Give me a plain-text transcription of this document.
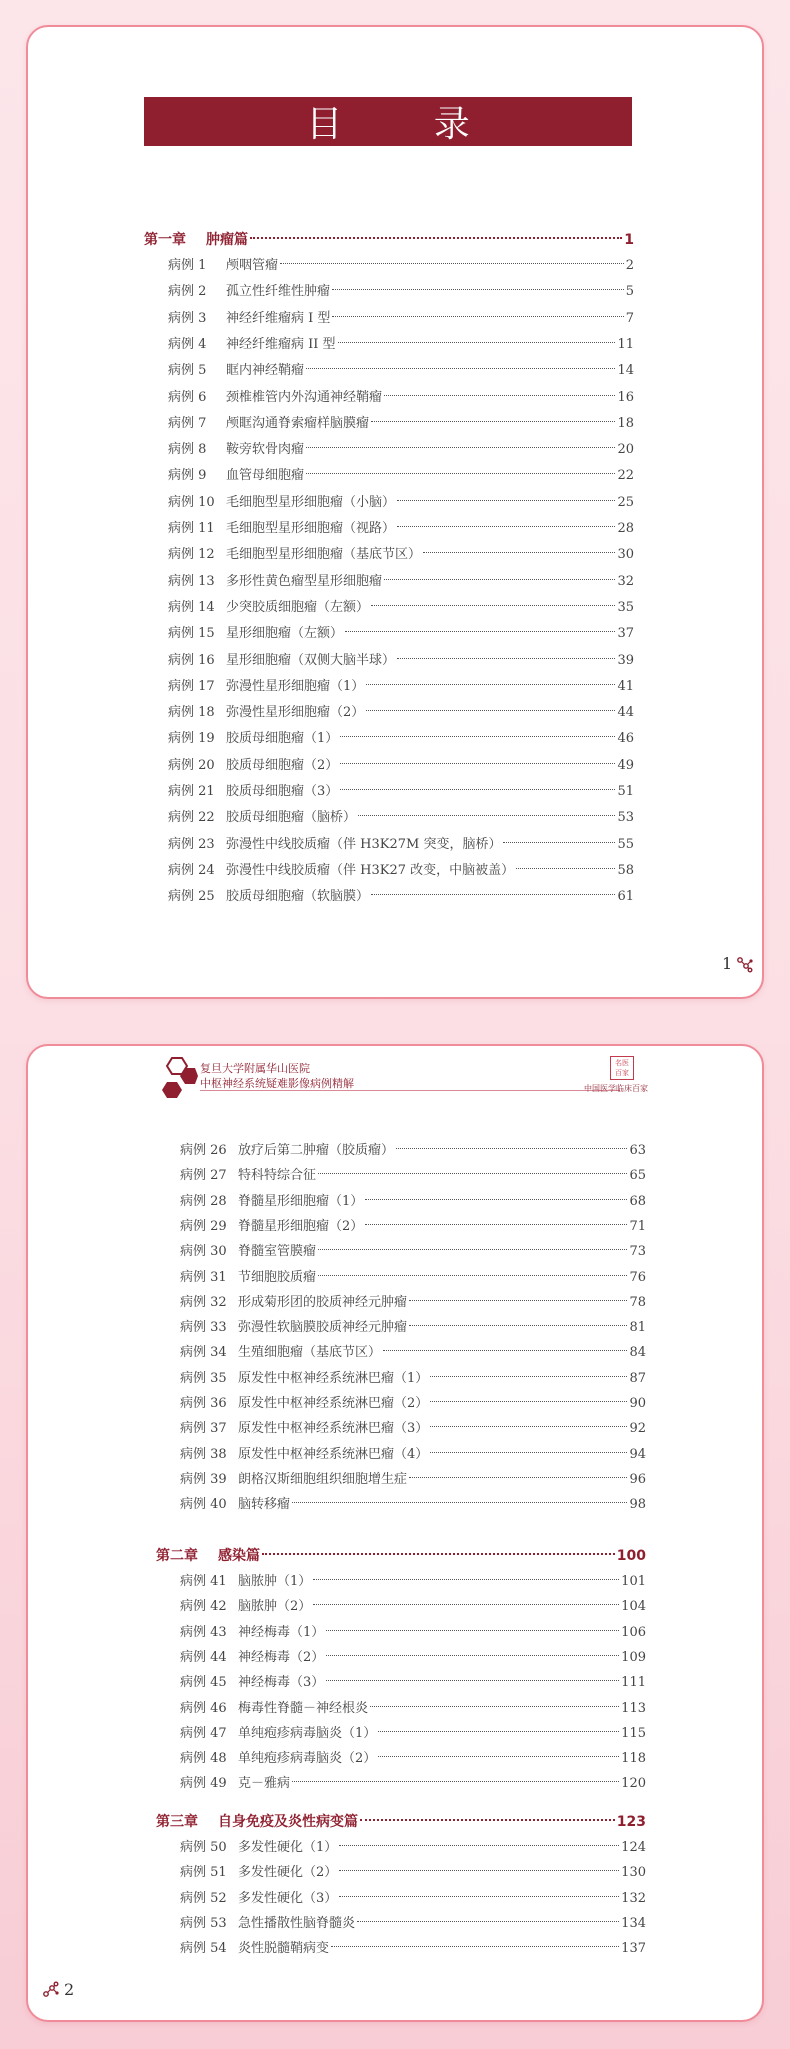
目 录
第一章	肿瘤篇	1
病例 1	颅咽管瘤	2
病例 2	孤立性纤维性肿瘤	5
病例 3	神经纤维瘤病 I 型	7
病例 4	神经纤维瘤病 II 型	11
病例 5	眶内神经鞘瘤	14
病例 6	颈椎椎管内外沟通神经鞘瘤	16
病例 7	颅眶沟通脊索瘤样脑膜瘤	18
病例 8	鞍旁软骨肉瘤	20
病例 9	血管母细胞瘤	22
病例 10 毛细胞型星形细胞瘤（小脑）	25
病例 11 毛细胞型星形细胞瘤（视路）	28
病例 12 毛细胞型星形细胞瘤（基底节区）	30
病例 13 多形性黄色瘤型星形细胞瘤	32
病例 14 少突胶质细胞瘤（左额）	35
病例 15 星形细胞瘤（左额）	37
病例 16 星形细胞瘤（双侧大脑半球）	39
病例 17 弥漫性星形细胞瘤（1）	41
病例 18 弥漫性星形细胞瘤（2）	44
病例 19 胶质母细胞瘤（1）	46
病例 20 胶质母细胞瘤（2）	49
病例 21 胶质母细胞瘤（3）	51
病例 22 胶质母细胞瘤（脑桥）	53
病例 23 弥漫性中线胶质瘤（伴 H3K27M 突变，脑桥）	55
病例 24 弥漫性中线胶质瘤（伴 H3K27 改变，中脑被盖）	58
病例 25 胶质母细胞瘤（软脑膜）	61
1
复旦大学附属华山医院
中枢神经系统疑难影像病例精解
名医 百家
中国医学临床百家
病例 26 放疗后第二肿瘤（胶质瘤）	63
病例 27 特科特综合征	65
病例 28 脊髓星形细胞瘤（1）	68
病例 29 脊髓星形细胞瘤（2）	71
病例 30 脊髓室管膜瘤	73
病例 31 节细胞胶质瘤	76
病例 32 形成菊形团的胶质神经元肿瘤	78
病例 33 弥漫性软脑膜胶质神经元肿瘤	81
病例 34 生殖细胞瘤（基底节区）	84
病例 35 原发性中枢神经系统淋巴瘤（1）	87
病例 36 原发性中枢神经系统淋巴瘤（2）	90
病例 37 原发性中枢神经系统淋巴瘤（3）	92
病例 38 原发性中枢神经系统淋巴瘤（4）	94
病例 39 朗格汉斯细胞组织细胞增生症	96
病例 40 脑转移瘤	98
第二章	感染篇	100
病例 41 脑脓肿（1）	101
病例 42 脑脓肿（2）	104
病例 43 神经梅毒（1）	106
病例 44 神经梅毒（2）	109
病例 45 神经梅毒（3）	111
病例 46 梅毒性脊髓－神经根炎	113
病例 47 单纯疱疹病毒脑炎（1）	115
病例 48 单纯疱疹病毒脑炎（2）	118
病例 49 克－雅病	120
第三章	自身免疫及炎性病变篇	123
病例 50 多发性硬化（1）	124
病例 51 多发性硬化（2）	130
病例 52 多发性硬化（3）	132
病例 53 急性播散性脑脊髓炎	134
病例 54 炎性脱髓鞘病变	137
2
